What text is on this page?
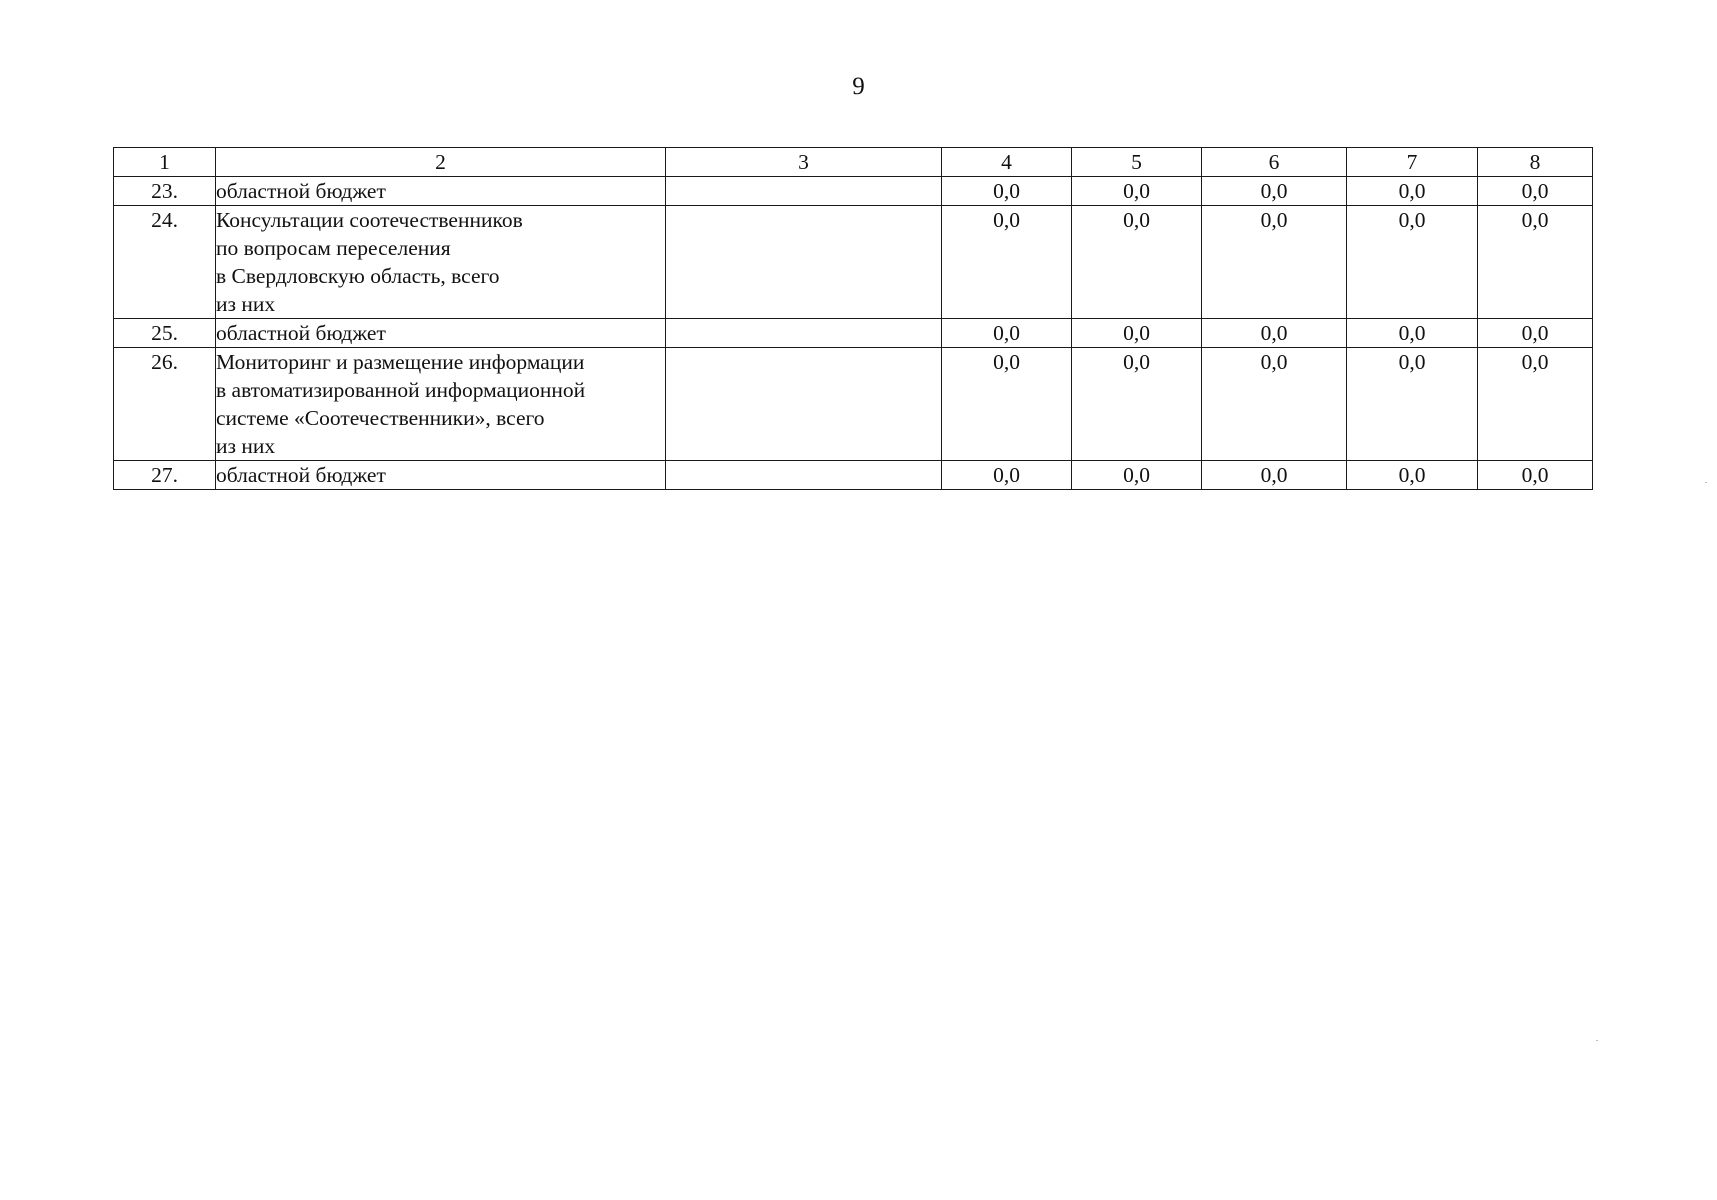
9
1	2	3	4	5	6	7	8
23.	областной бюджет		0,0	0,0	0,0	0,0	0,0
24.	Консультации соотечественников
по вопросам переселения
в Свердловскую область, всего
из них		0,0	0,0	0,0	0,0	0,0
25.	областной бюджет		0,0	0,0	0,0	0,0	0,0
26.	Мониторинг и размещение информации
в автоматизированной информационной
системе «Соотечественники», всего
из них		0,0	0,0	0,0	0,0	0,0
27.	областной бюджет		0,0	0,0	0,0	0,0	0,0
